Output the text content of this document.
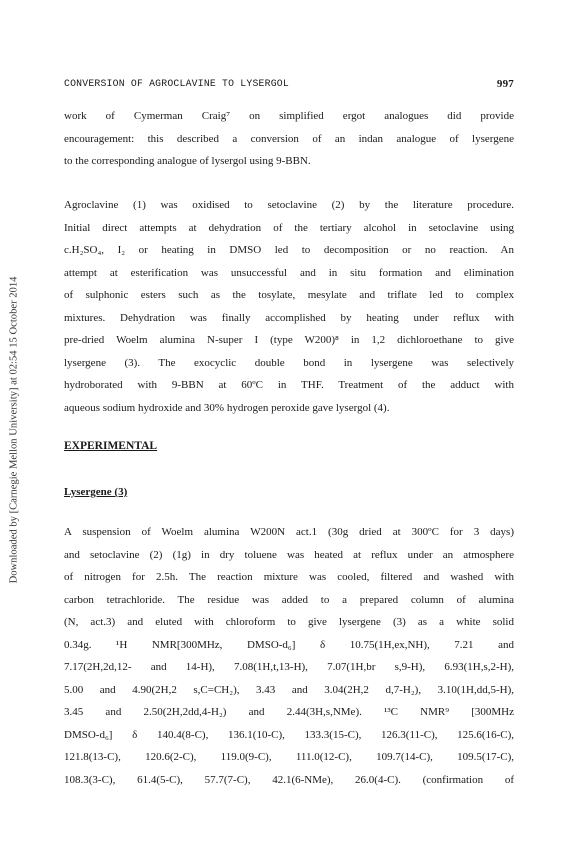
Downloaded by [Carnegie Mellon University] at 02:54 15 October 2014
CONVERSION OF AGROCLAVINE TO LYSERGOL	997
work of Cymerman Craig⁷ on simplified ergot analogues did provide
encouragement: this described a conversion of an indan analogue of lysergene
to the corresponding analogue of lysergol using 9-BBN.
Agroclavine (1) was oxidised to setoclavine (2) by the literature procedure.
Initial direct attempts at dehydration of the tertiary alcohol in setoclavine using
c.H₂SO₄, I₂ or heating in DMSO led to decomposition or no reaction. An
attempt at esterification was unsuccessful and in situ formation and elimination
of sulphonic esters such as the tosylate, mesylate and triflate led to complex
mixtures. Dehydration was finally accomplished by heating under reflux with
pre-dried Woelm alumina N-super I (type W200)⁸ in 1,2 dichloroethane to give
lysergene (3). The exocyclic double bond in lysergene was selectively
hydroborated with 9-BBN at 60ºC in THF. Treatment of the adduct with
aqueous sodium hydroxide and 30% hydrogen peroxide gave lysergol (4).
EXPERIMENTAL
Lysergene (3)
A suspension of Woelm alumina W200N act.1 (30g dried at 300ºC for 3 days)
and setoclavine (2) (1g) in dry toluene was heated at reflux under an atmosphere
of nitrogen for 2.5h. The reaction mixture was cooled, filtered and washed with
carbon tetrachloride. The residue was added to a prepared column of alumina
(N, act.3) and eluted with chloroform to give lysergene (3) as a white solid
0.34g. ¹H NMR[300MHz, DMSO-d₆] δ 10.75(1H,ex,NH), 7.21 and
7.17(2H,2d,12- and 14-H), 7.08(1H,t,13-H), 7.07(1H,br s,9-H), 6.93(1H,s,2-H),
5.00 and 4.90(2H,2 s,C=CH₂), 3.43 and 3.04(2H,2 d,7-H₂), 3.10(1H,dd,5-H),
3.45 and 2.50(2H,2dd,4-H₂) and 2.44(3H,s,NMe). ¹³C NMR⁹ [300MHz
DMSO-d₆] δ 140.4(8-C), 136.1(10-C), 133.3(15-C), 126.3(11-C), 125.6(16-C),
121.8(13-C), 120.6(2-C), 119.0(9-C), 111.0(12-C), 109.7(14-C), 109.5(17-C),
108.3(3-C), 61.4(5-C), 57.7(7-C), 42.1(6-NMe), 26.0(4-C). (confirmation of
